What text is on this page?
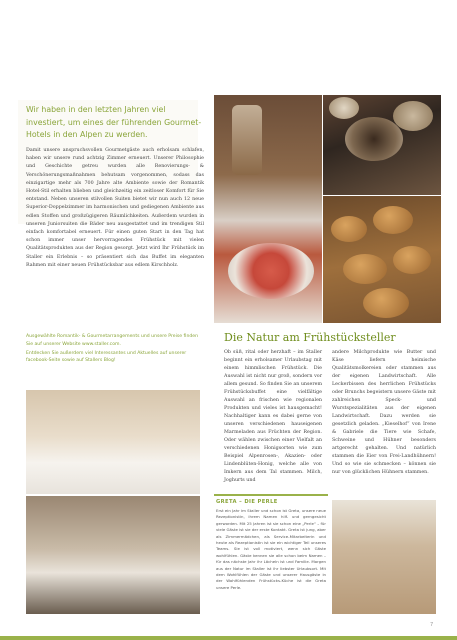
Wir haben in den letzten Jahren viel investiert, um eines der führenden Gourmet-Hotels in den Alpen zu werden.
Damit unsere anspruchsvollen Gourmetgäste auch erholsam schlafen, haben wir unsere rund achtzig Zimmer erneuert. Unserer Philosophie und Geschichte getreu wurden alle Renovierungs- & Verschönerungsmaßnahmen behutsam vorgenommen, sodass das einzigartige mehr als 700 Jahre alte Ambiente sowie der Romantik Hotel-Stil erhalten blieben und gleichzeitig ein zeitloser Komfort für Sie entstand. Neben unseren stilvollen Suiten bietet wir nun auch 12 neue Superior-Doppelzimmer im harmonischen und gediegenen Ambiente aus edlen Stoffen und großzügigeren Räumlichkeiten. Außerdem wurden in unseren Juniorsuiten die Bäder neu ausgestattet und im trendigen Stil einfach komfortabel erneuert. Für einen guten Start in den Tag hat schon immer unser hervorragendes Frühstück mit vielen Qualitätsprodukten aus der Region gesorgt. Jetzt wird Ihr Frühstück im Staller ein Erlebnis – so präsentiert sich das Buffet im eleganten Rahmen mit einer neuen Frühstücksbar aus edlem Kirschholz.
Ausgewählte Romantik- & Gourmetarrangements und unsere Preise finden Sie auf unserer Website www.staller.com.
Entdecken Sie außerdem viel Interessantes und Aktuelles auf unserer facebook-Seite sowie auf Stallers Blog!
Die Natur am Frühstücksteller
Ob süß, rital oder herzhaft – im Staller beginnt ein erholsamer Urlaubstag mit einem himmlischen Frühstück. Die Auswahl ist nicht nur groß, sondern vor allem gesund. So finden Sie an unserem Frühstücksbuffet eine vielfältige Auswahl an frischen wie regionalen Produkten und vieles ist hausgemacht! Nachhaltiger kann es dabei gerne von unseren verschiedenen hauseigenen Marmeladen aus Früchten der Region. Oder wählen zwischen einer Vielfalt an verschiedenen Honigsorten wie zum Beispiel Alpenrosen-, Akazien- oder Lindenblüten-Honig, welche alle von Imkern aus dem Tal stammen. Milch, Joghurts und
andere Milchprodukte wie Butter und Käse liefern heimische Qualitätsmolkereien oder stammen aus der eigenen Landwirtschaft. Alle Leckerbissen des herrlichen Frühstücks oder Brunchs begeistern unsere Gäste mit zahlreichen Speck- und Wurstspezialitäten aus der eigenen Landwirtschaft. Dazu werden sie gesetzlich geladen. „Kieselhof“ von Irene & Gabriele die Tiere wie Schafe, Schweine und Hühner besonders artgerecht gehalten. Und natürlich stammen die Eier von Frei-Landhühnern! Und so wie sie schmecken – können sie nur von glücklichen Hühnern stammen.
GRETA – DIE PERLE
Erst ein Jahr im Staller und schon ist Greta, unsere neue Rezeptionistin, ihrem Namen hilf- und gerngesicht gerworden. Mit 25 Jahren ist sie schon eine „Perle“ – für viele Gäste ist sie der erste Kontakt. Greta ist jung, aber als Zimmermädchen, als Service-Mitarbeiterin und heute als Rezeptionistin ist sie ein wichtiger Teil unseres Teams. Sie ist voll motiviert, wenn sich Gäste wohlfühlen. Gäste kennen sie alle schon beim Namen – für das nächste Jahr ihr Lächeln ist und Familie. Morgen aus der Natur im Staller ist ihr liebster Urlaubsort. Mit dem Wohlfühlen der Gäste und unserer Hausgäste in der Wohlfühlenden Frühstücks-Küche ist die Greta unsere Perle.
7
